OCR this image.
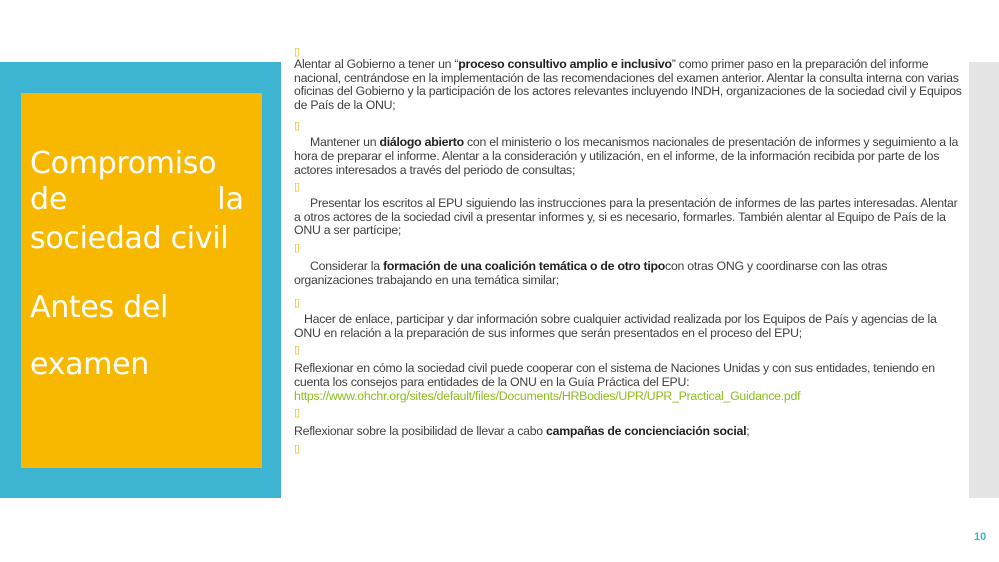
Compromiso
de	la
sociedad civil
Antes del
examen
10
▯

Alentar al Gobierno a tener un “proceso consultivo amplio e inclusivo” como primer paso en la preparación del informe nacional, centrándose en la implementación de las recomendaciones del examen anterior. Alentar la consulta interna con varias oficinas del Gobierno y la participación de los actores relevantes incluyendo INDH, organizaciones de la sociedad civil y Equipos de País de la ONU;

▯

Mantener un diálogo abierto con el ministerio o los mecanismos nacionales de presentación de informes y seguimiento a la hora de preparar el informe. Alentar a la consideración y utilización, en el informe, de la información recibida por parte de los actores interesados a través del periodo de consultas;

▯

Presentar los escritos al EPU siguiendo las instrucciones para la presentación de informes de las partes interesadas. Alentar a otros actores de la sociedad civil a presentar informes y, si es necesario, formarles. También alentar al Equipo de País de la ONU a ser partícipe;

▯

Considerar la formación de una coalición temática o de otro tipocon otras ONG y coordinarse con las otras organizaciones trabajando en una temática similar;

▯

Hacer de enlace, participar y dar información sobre cualquier actividad realizada por los Equipos de País y agencias de la ONU en relación a la preparación de sus informes que serán presentados en el proceso del EPU;

▯

Reflexionar en cómo la sociedad civil puede cooperar con el sistema de Naciones Unidas y con sus entidades, teniendo en cuenta los consejos para entidades de la ONU en la Guía Práctica del EPU:
https://www.ohchr.org/sites/default/files/Documents/HRBodies/UPR/UPR_Practical_Guidance.pdf

▯

Reflexionar sobre la posibilidad de llevar a cabo campañas de concienciación social;

▯
